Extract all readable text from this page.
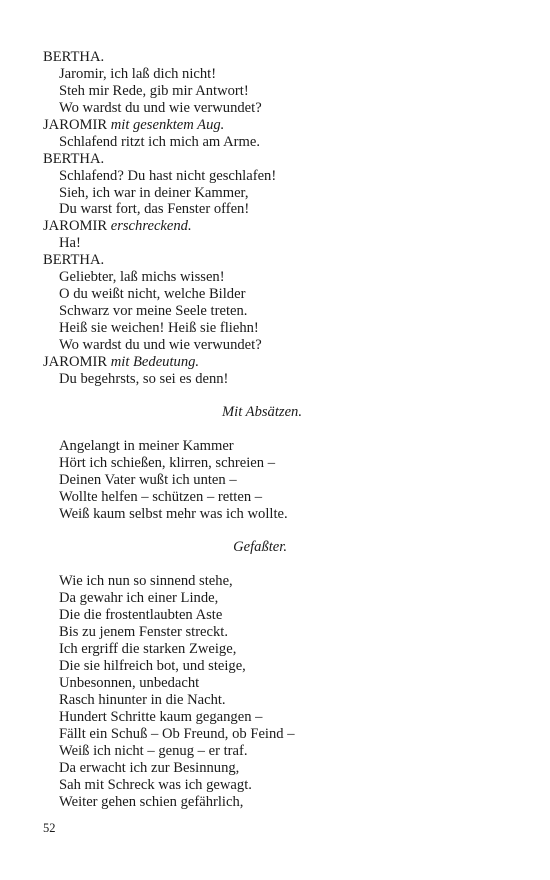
BERTHA.
Jaromir, ich laß dich nicht!
Steh mir Rede, gib mir Antwort!
Wo wardst du und wie verwundet?
JAROMIR mit gesenktem Aug.
Schlafend ritzt ich mich am Arme.
BERTHA.
Schlafend? Du hast nicht geschlafen!
Sieh, ich war in deiner Kammer,
Du warst fort, das Fenster offen!
JAROMIR erschreckend.
Ha!
BERTHA.
Geliebter, laß michs wissen!
O du weißt nicht, welche Bilder
Schwarz vor meine Seele treten.
Heiß sie weichen! Heiß sie fliehn!
Wo wardst du und wie verwundet?
JAROMIR mit Bedeutung.
Du begehrsts, so sei es denn!
Mit Absätzen.
Angelangt in meiner Kammer
Hört ich schießen, klirren, schreien –
Deinen Vater wußt ich unten –
Wollte helfen – schützen – retten –
Weiß kaum selbst mehr was ich wollte.
Gefaßter.
Wie ich nun so sinnend stehe,
Da gewahr ich einer Linde,
Die die frostentlaubten Aste
Bis zu jenem Fenster streckt.
Ich ergriff die starken Zweige,
Die sie hilfreich bot, und steige,
Unbesonnen, unbedacht
Rasch hinunter in die Nacht.
Hundert Schritte kaum gegangen –
Fällt ein Schuß – Ob Freund, ob Feind –
Weiß ich nicht – genug – er traf.
Da erwacht ich zur Besinnung,
Sah mit Schreck was ich gewagt.
Weiter gehen schien gefährlich,
52
